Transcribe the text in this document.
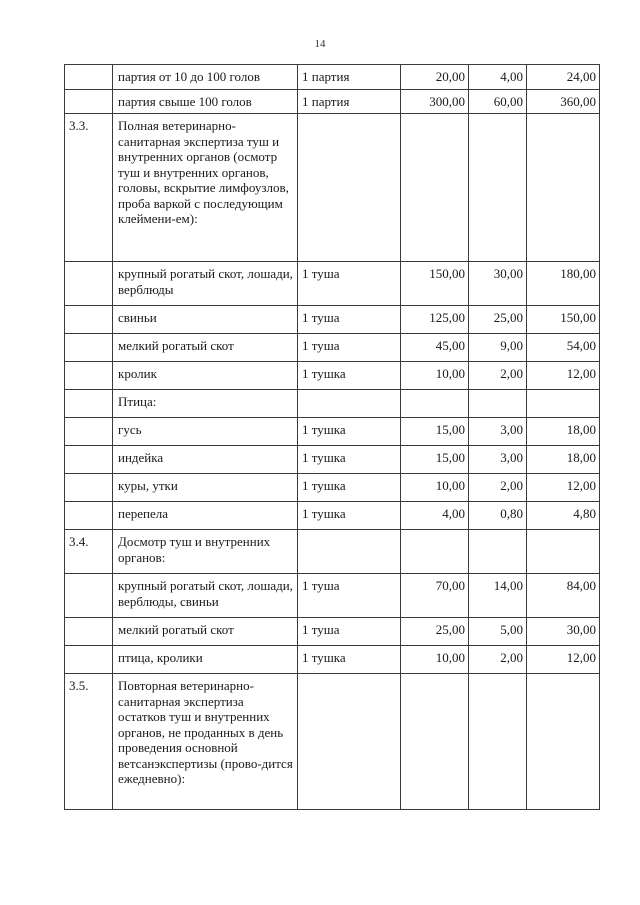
14
	партия от 10 до 100 голов	1 партия	20,00	4,00	24,00
	партия свыше 100 голов	1 партия	300,00	60,00	360,00
3.3.	Полная ветеринарно-санитарная экспертиза туш и внутренних органов (осмотр туш и внутренних органов, головы, вскрытие лимфоузлов, проба варкой с последующим клеймени-ем):				
	крупный рогатый скот, лошади, верблюды	1 туша	150,00	30,00	180,00
	свиньи	1 туша	125,00	25,00	150,00
	мелкий рогатый скот	1 туша	45,00	9,00	54,00
	кролик	1 тушка	10,00	2,00	12,00
	Птица:				
	гусь	1 тушка	15,00	3,00	18,00
	индейка	1 тушка	15,00	3,00	18,00
	куры, утки	1 тушка	10,00	2,00	12,00
	перепела	1 тушка	4,00	0,80	4,80
3.4.	Досмотр туш и внутренних органов:				
	крупный рогатый скот, лошади, верблюды, свиньи	1 туша	70,00	14,00	84,00
	мелкий рогатый скот	1 туша	25,00	5,00	30,00
	птица, кролики	1 тушка	10,00	2,00	12,00
3.5.	Повторная ветеринарно-санитарная экспертиза остатков туш и внутренних органов, не проданных в день проведения основной ветсанэкспертизы (прово-дится ежедневно):				
